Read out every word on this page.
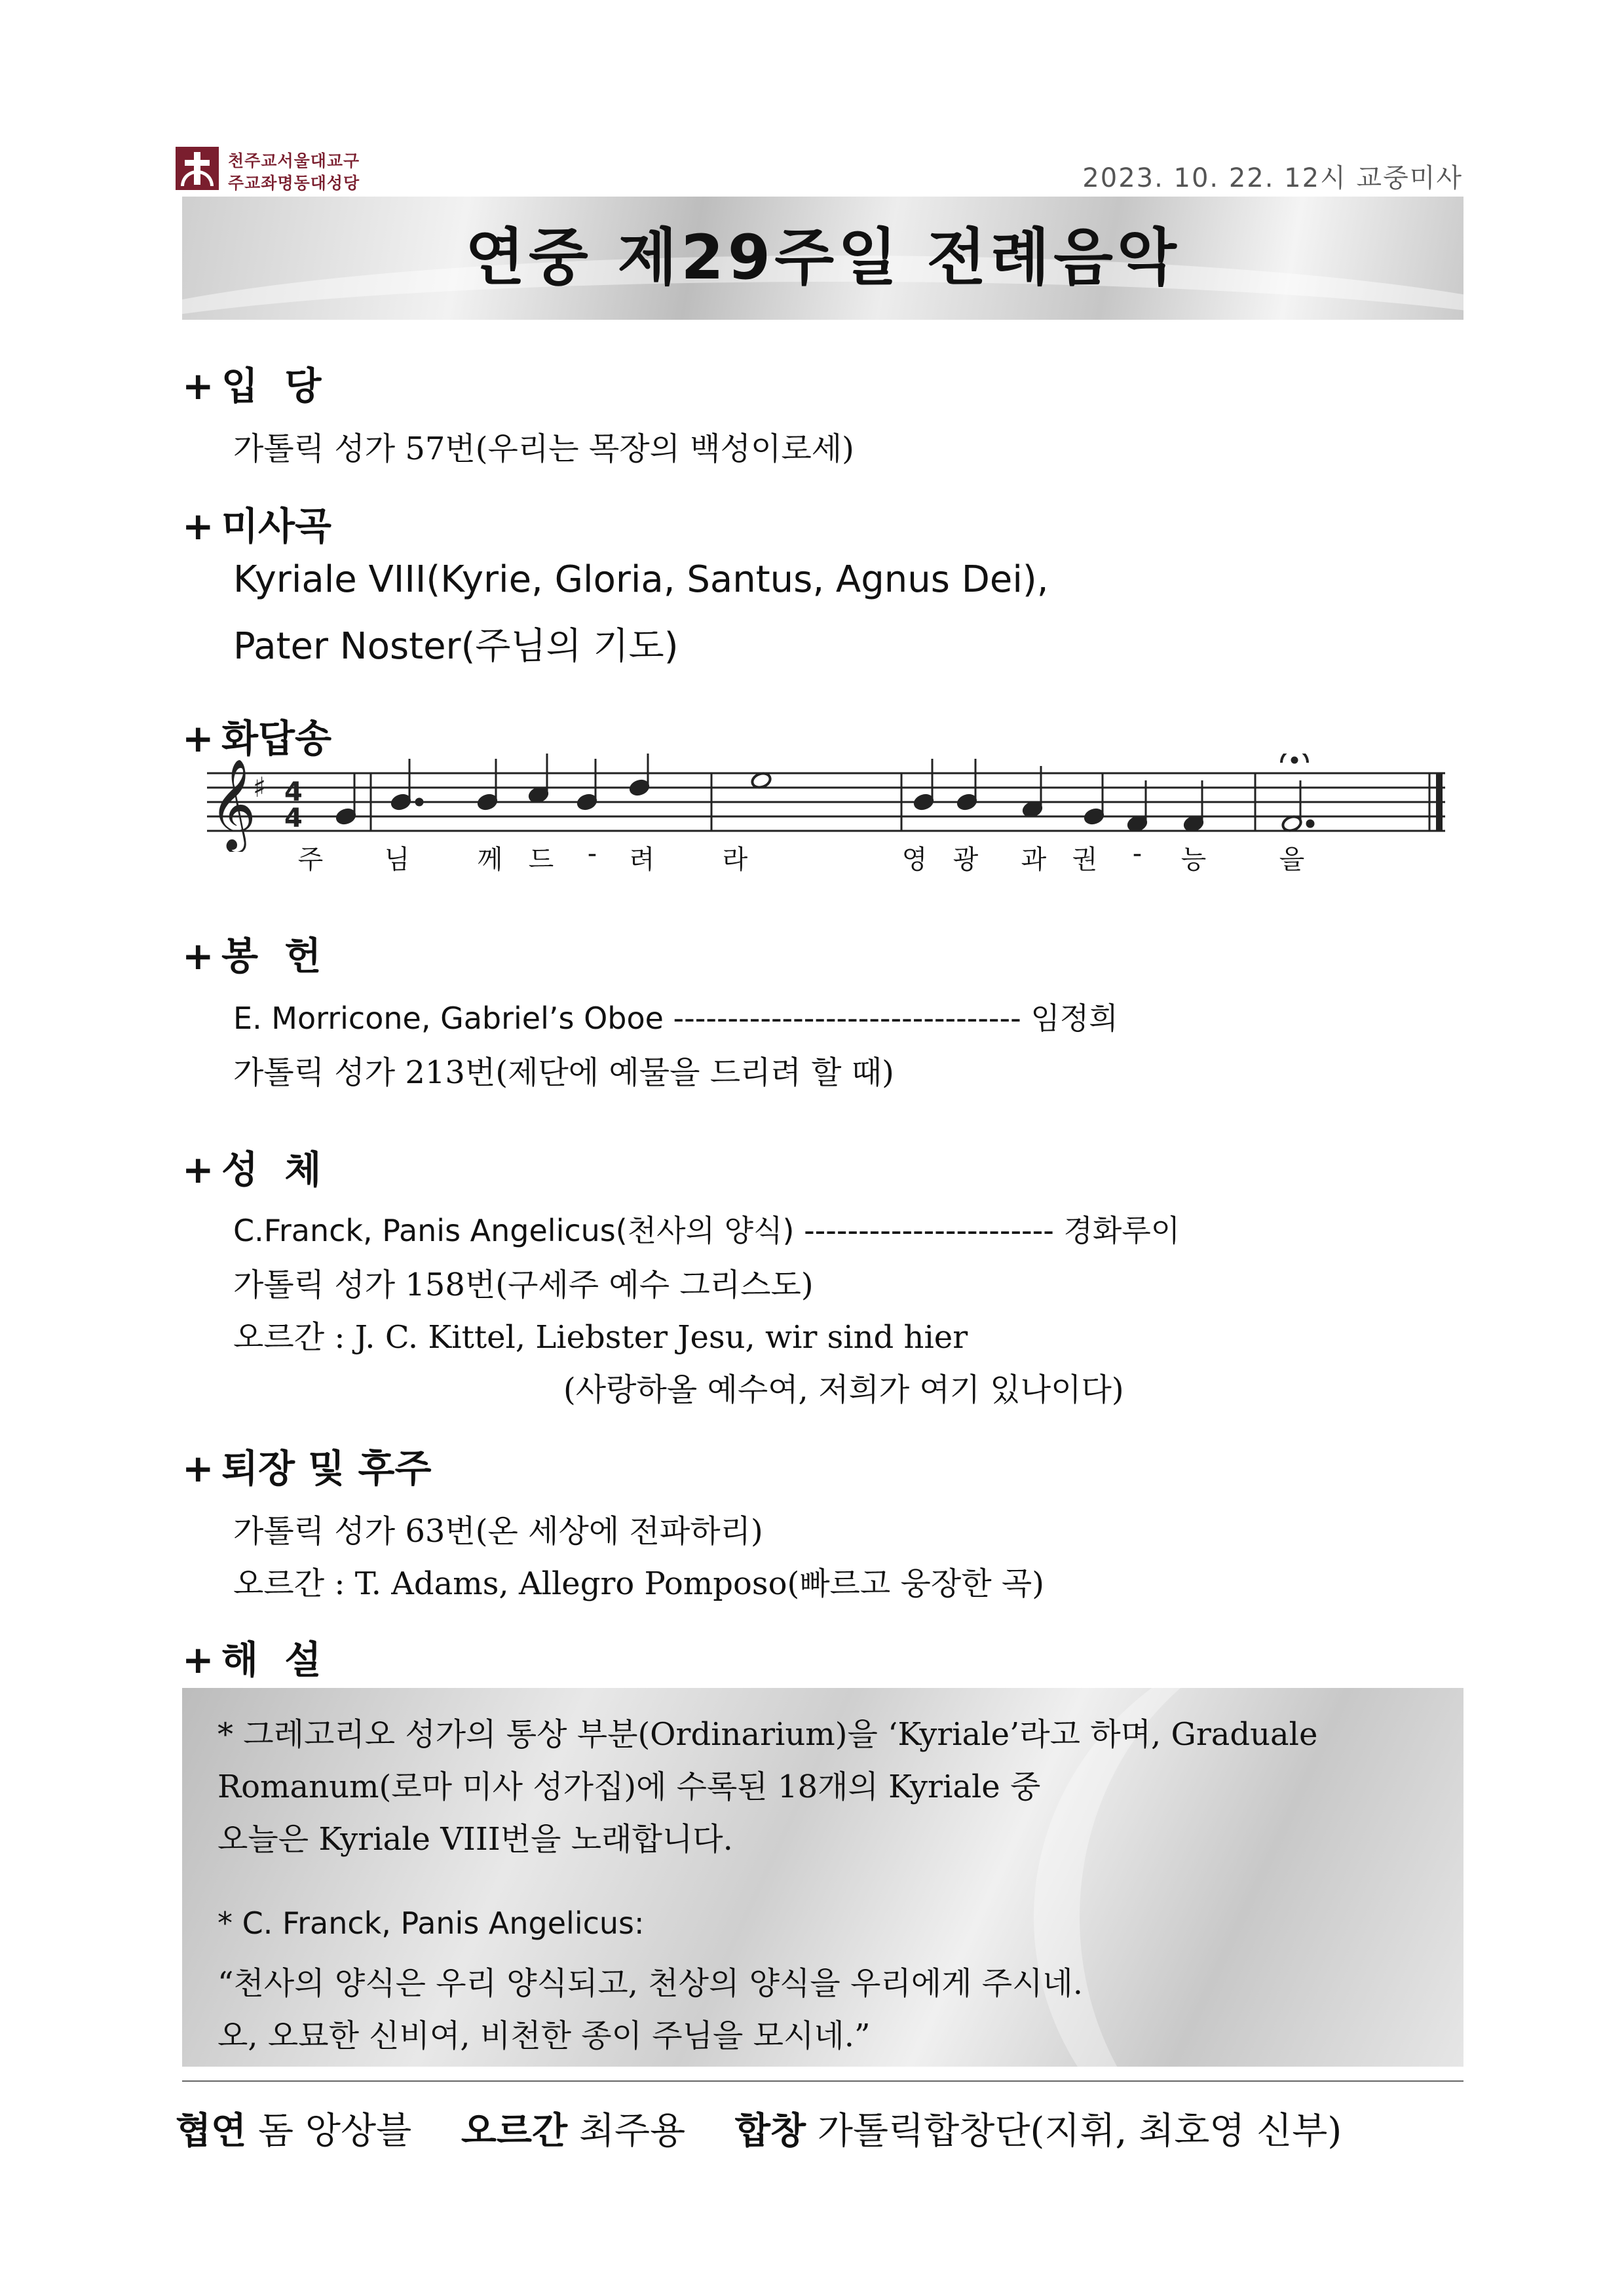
천주교서울대교구
주교좌명동대성당	2023. 10. 22. 12시 교중미사
연중 제29주일 전례음악
+ 입  당
가톨릭 성가 57번(우리는 목장의 백성이로세)
+ 미사곡
Kyriale VIII(Kyrie, Gloria, Santus, Agnus Dei),
Pater Noster(주님의 기도)
+ 화답송
𝄞
♯ 4
4
주 님	께 드 - 려	라	영 광 과 권 - 능	을
+ 봉  헌
E. Morricone, Gabriel’s Oboe -------------------------------- 임정희
가톨릭 성가 213번(제단에 예물을 드리려 할 때)
+ 성  체
C.Franck, Panis Angelicus(천사의 양식) ----------------------- 경화루이
가톨릭 성가 158번(구세주 예수 그리스도)
오르간 : J. C. Kittel, Liebster Jesu, wir sind hier
(사랑하올 예수여, 저희가 여기 있나이다)
+ 퇴장 및 후주
가톨릭 성가 63번(온 세상에 전파하리)
오르간 : T. Adams, Allegro Pomposo(빠르고 웅장한 곡)
+ 해  설
* 그레고리오 성가의 통상 부분(Ordinarium)을 ‘Kyriale’라고 하며, Graduale
Romanum(로마 미사 성가집)에 수록된 18개의 Kyriale 중
오늘은 Kyriale VIII번을 노래합니다.
* C. Franck, Panis Angelicus:
“천사의 양식은 우리 양식되고, 천상의 양식을 우리에게 주시네.
오, 오묘한 신비여, 비천한 종이 주님을 모시네.”
협연 돔 앙상블 오르간 최주용 합창 가톨릭합창단(지휘, 최호영 신부)
